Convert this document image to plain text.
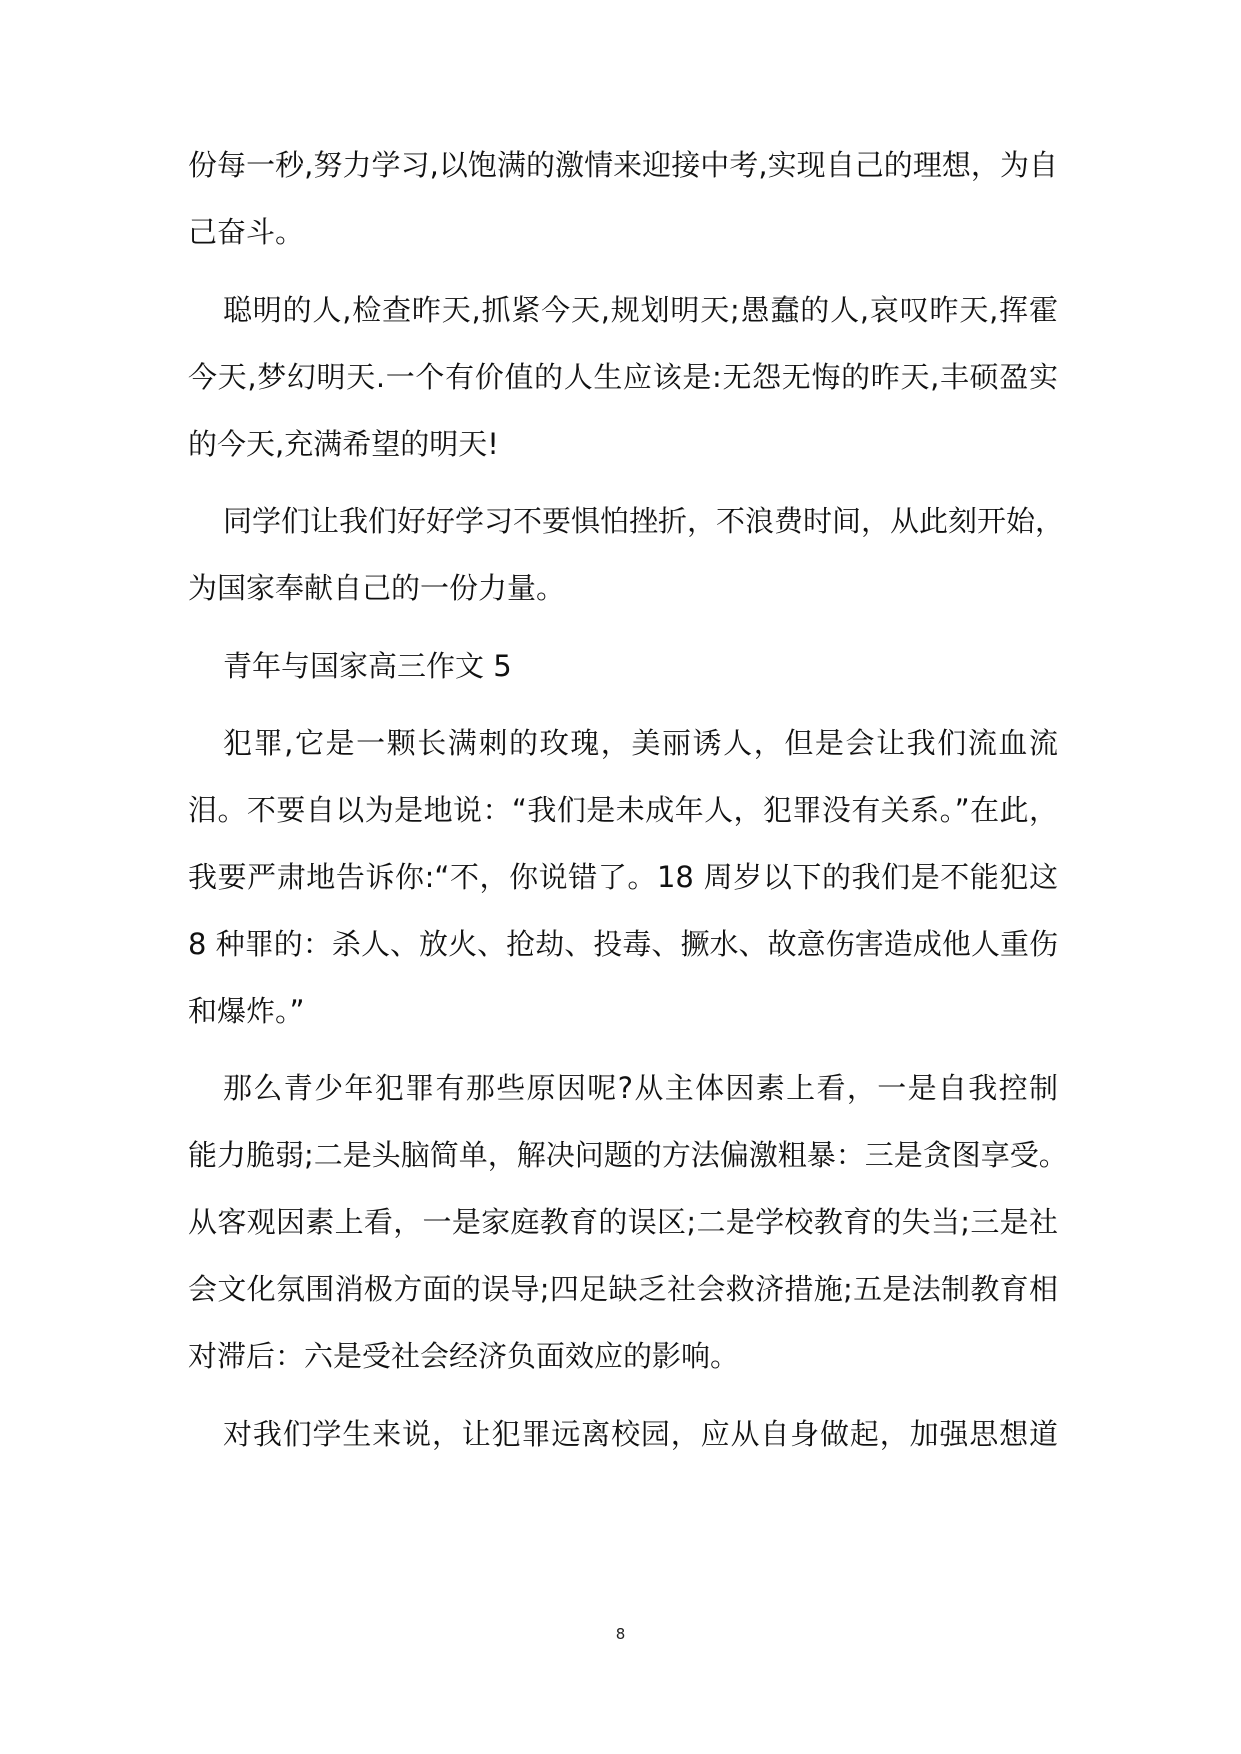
份每一秒,努力学习,以饱满的激情来迎接中考,实现自己的理想，为自
己奋斗。
聪明的人,检查昨天,抓紧今天,规划明天;愚蠢的人,哀叹昨天,挥霍
今天,梦幻明天.一个有价值的人生应该是:无怨无悔的昨天,丰硕盈实
的今天,充满希望的明天!
同学们让我们好好学习不要惧怕挫折，不浪费时间，从此刻开始，
为国家奉献自己的一份力量。
青年与国家高三作文 5
犯罪,它是一颗长满刺的玫瑰，美丽诱人，但是会让我们流血流
泪。不要自以为是地说：“我们是未成年人，犯罪没有关系。”在此，
我要严肃地告诉你:“不，你说错了。18 周岁以下的我们是不能犯这
8 种罪的：杀人、放火、抢劫、投毒、撅水、故意伤害造成他人重伤
和爆炸。”
那么青少年犯罪有那些原因呢?从主体因素上看，一是自我控制
能力脆弱;二是头脑简单，解决问题的方法偏激粗暴：三是贪图享受。
从客观因素上看，一是家庭教育的误区;二是学校教育的失当;三是社
会文化氛围消极方面的误导;四足缺乏社会救济措施;五是法制教育相
对滞后：六是受社会经济负面效应的影响。
对我们学生来说，让犯罪远离校园，应从自身做起，加强思想道
8
